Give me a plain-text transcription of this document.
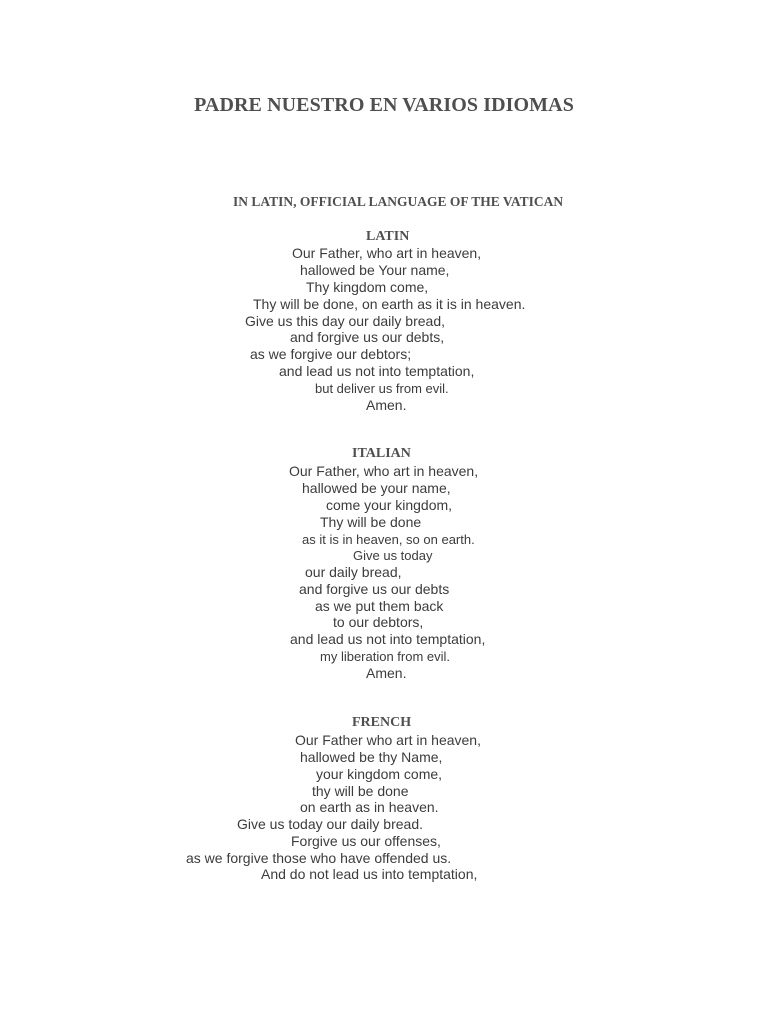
PADRE NUESTRO EN VARIOS IDIOMAS
IN LATIN, OFFICIAL LANGUAGE OF THE VATICAN
LATIN
Our Father, who art in heaven,
hallowed be Your name,
Thy kingdom come,
Thy will be done, on earth as it is in heaven.
Give us this day our daily bread,
and forgive us our debts,
as we forgive our debtors;
and lead us not into temptation,
but deliver us from evil.
Amen.
ITALIAN
Our Father, who art in heaven,
hallowed be your name,
come your kingdom,
Thy will be done
as it is in heaven, so on earth.
Give us today
our daily bread,
and forgive us our debts
as we put them back
to our debtors,
and lead us not into temptation,
my liberation from evil.
Amen.
FRENCH
Our Father who art in heaven,
hallowed be thy Name,
your kingdom come,
thy will be done
on earth as in heaven.
Give us today our daily bread.
Forgive us our offenses,
as we forgive those who have offended us.
And do not lead us into temptation,
